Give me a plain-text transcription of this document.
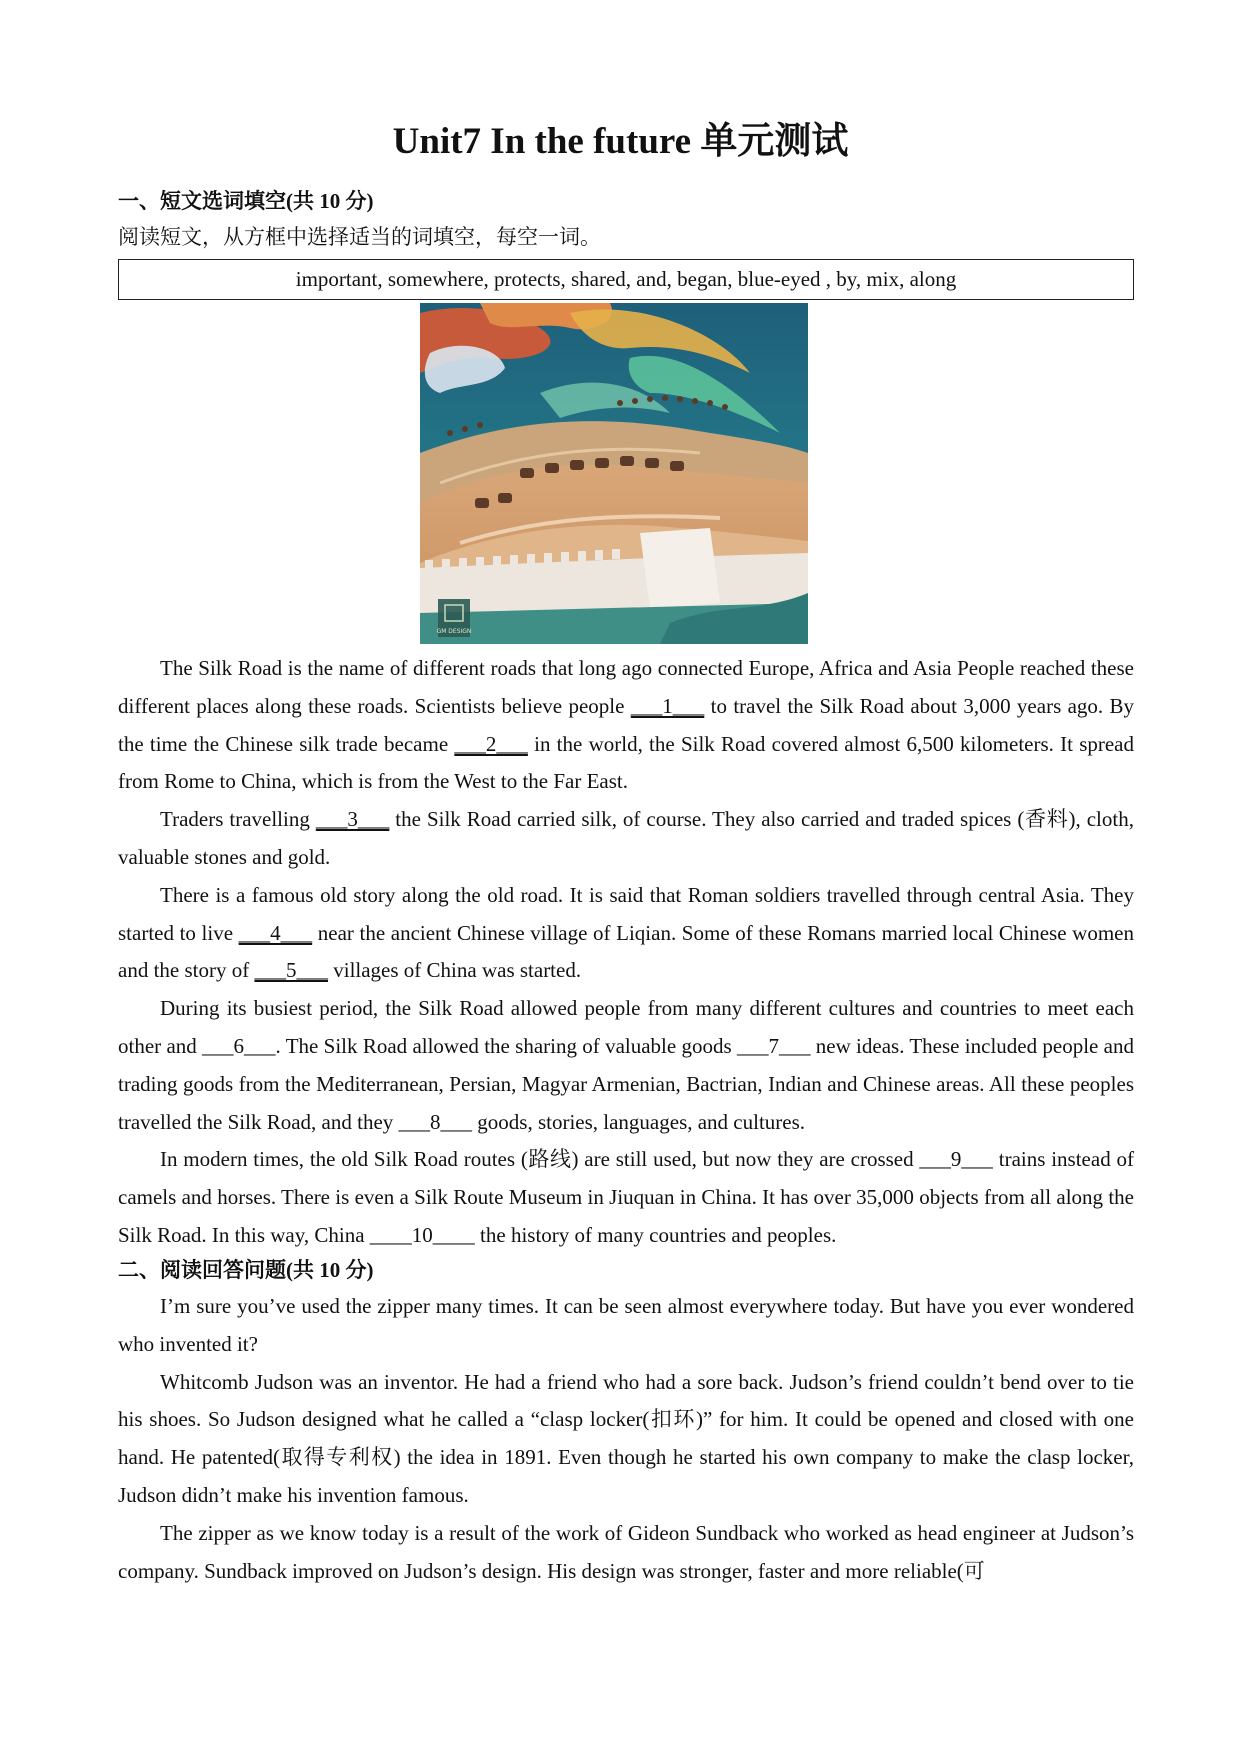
Unit7 In the future 单元测试
一、短文选词填空(共 10 分)
阅读短文，从方框中选择适当的词填空，每空一词。
important, somewhere, protects, shared, and, began, blue-eyed , by, mix, along
GM DESIGN

The Silk Road is the name of different roads that long ago connected Europe, Africa and Asia People reached these different places along these roads. Scientists believe people ___1___ to travel the Silk Road about 3,000 years ago. By the time the Chinese silk trade became ___2___ in the world, the Silk Road covered almost 6,500 kilometers. It spread from Rome to China, which is from the West to the Far East.

Traders travelling ___3___ the Silk Road carried silk, of course. They also carried and traded spices (香料), cloth, valuable stones and gold.

There is a famous old story along the old road. It is said that Roman soldiers travelled through central Asia. They started to live ___4___ near the ancient Chinese village of Liqian. Some of these Romans married local Chinese women and the story of ___5___ villages of China was started.

During its busiest period, the Silk Road allowed people from many different cultures and countries to meet each other and ___6___. The Silk Road allowed the sharing of valuable goods ___7___ new ideas. These included people and trading goods from the Mediterranean, Persian, Magyar Armenian, Bactrian, Indian and Chinese areas. All these peoples travelled the Silk Road, and they ___8___ goods, stories, languages, and cultures.

In modern times, the old Silk Road routes (路线) are still used, but now they are crossed ___9___ trains instead of camels and horses. There is even a Silk Route Museum in Jiuquan in China. It has over 35,000 objects from all along the Silk Road. In this way, China ____10____ the history of many countries and peoples.

二、阅读回答问题(共 10 分)

I’m sure you’ve used the zipper many times. It can be seen almost everywhere today. But have you ever wondered who invented it?

Whitcomb Judson was an inventor. He had a friend who had a sore back. Judson’s friend couldn’t bend over to tie his shoes. So Judson designed what he called a “clasp locker(扣环)” for him. It could be opened and closed with one hand. He patented(取得专利权) the idea in 1891. Even though he started his own company to make the clasp locker, Judson didn’t make his invention famous.

The zipper as we know today is a result of the work of Gideon Sundback who worked as head engineer at Judson’s company. Sundback improved on Judson’s design. His design was stronger, faster and more reliable(可
